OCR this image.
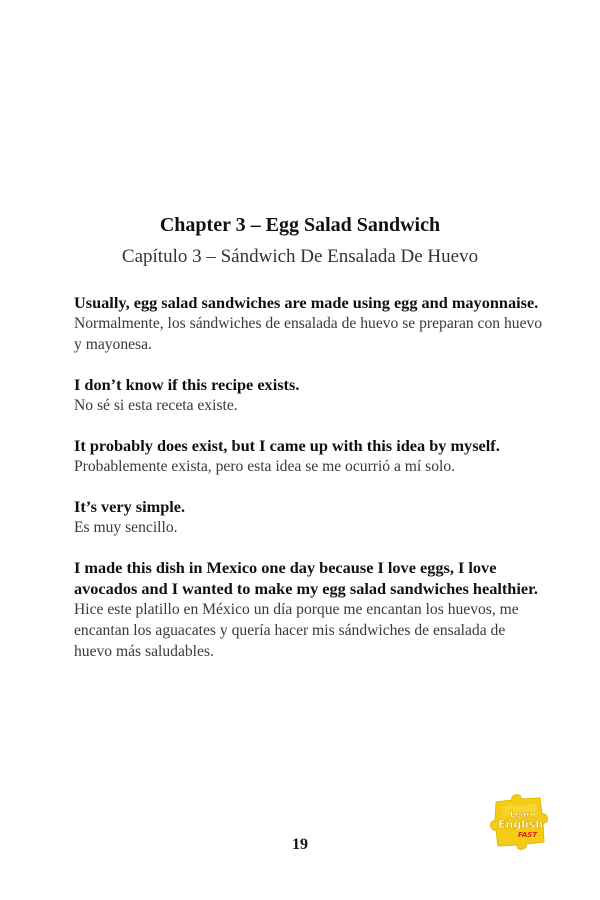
Chapter 3 – Egg Salad Sandwich
Capítulo 3 – Sándwich De Ensalada De Huevo
Usually, egg salad sandwiches are made using egg and mayonnaise.
Normalmente, los sándwiches de ensalada de huevo se preparan con huevo y mayonesa.
I don’t know if this recipe exists.
No sé si esta receta existe.
It probably does exist, but I came up with this idea by myself.
Probablemente exista, pero esta idea se me ocurrió a mí solo.
It’s very simple.
Es muy sencillo.
I made this dish in Mexico one day because I love eggs, I love avocados and I wanted to make my egg salad sandwiches healthier.
Hice este platillo en México un día porque me encantan los huevos, me encantan los aguacates y quería hacer mis sándwiches de ensalada de huevo más saludables.
19
Learn
English
FAST
